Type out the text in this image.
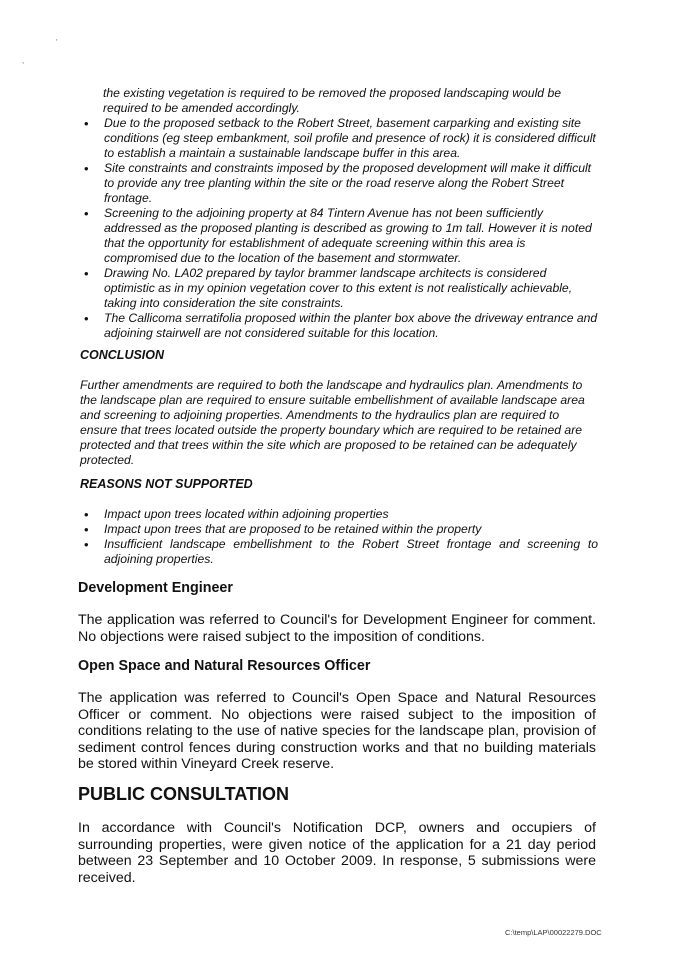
'
,
the existing vegetation is required to be removed the proposed landscaping would be required to be amended accordingly.
• Due to the proposed setback to the Robert Street, basement carparking and existing site conditions (eg steep embankment, soil profile and presence of rock) it is considered difficult to establish a maintain a sustainable landscape buffer in this area.
• Site constraints and constraints imposed by the proposed development will make it difficult to provide any tree planting within the site or the road reserve along the Robert Street frontage.
• Screening to the adjoining property at 84 Tintern Avenue has not been sufficiently addressed as the proposed planting is described as growing to 1m tall. However it is noted that the opportunity for establishment of adequate screening within this area is compromised due to the location of the basement and stormwater.
• Drawing No. LA02 prepared by taylor brammer landscape architects is considered optimistic as in my opinion vegetation cover to this extent is not realistically achievable, taking into consideration the site constraints.
• The Callicoma serratifolia proposed within the planter box above the driveway entrance and adjoining stairwell are not considered suitable for this location.
CONCLUSION
Further amendments are required to both the landscape and hydraulics plan. Amendments to the landscape plan are required to ensure suitable embellishment of available landscape area and screening to adjoining properties. Amendments to the hydraulics plan are required to ensure that trees located outside the property boundary which are required to be retained are protected and that trees within the site which are proposed to be retained can be adequately protected.
REASONS NOT SUPPORTED
• Impact upon trees located within adjoining properties
• Impact upon trees that are proposed to be retained within the property
• Insufficient landscape embellishment to the Robert Street frontage and screening to adjoining properties.
Development Engineer
The application was referred to Council's for Development Engineer for comment. No objections were raised subject to the imposition of conditions.
Open Space and Natural Resources Officer
The application was referred to Council's Open Space and Natural Resources Officer or comment. No objections were raised subject to the imposition of conditions relating to the use of native species for the landscape plan, provision of sediment control fences during construction works and that no building materials be stored within Vineyard Creek reserve.
PUBLIC CONSULTATION
In accordance with Council's Notification DCP, owners and occupiers of surrounding properties, were given notice of the application for a 21 day period between 23 September and 10 October 2009. In response, 5 submissions were received.
C:\temp\LAP\00022279.DOC
